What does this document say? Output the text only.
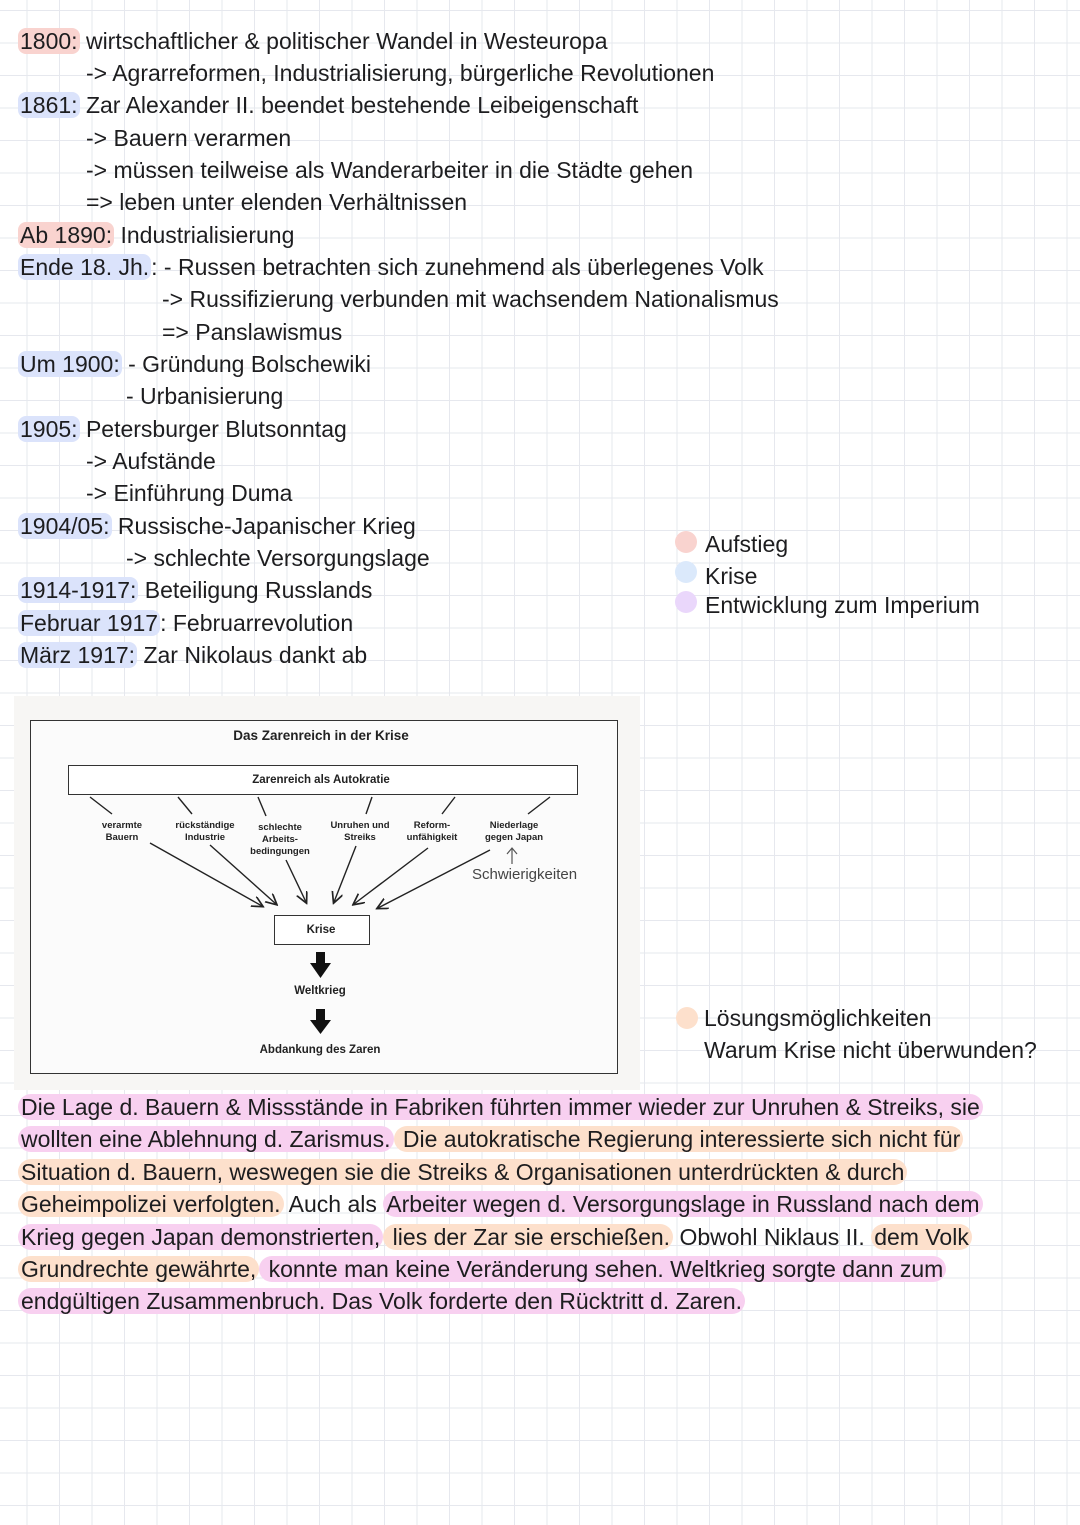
1800: wirtschaftlicher & politischer Wandel in Westeuropa
-> Agrarreformen, Industrialisierung, bürgerliche Revolutionen
1861: Zar Alexander II. beendet bestehende Leibeigenschaft
-> Bauern verarmen
-> müssen teilweise als Wanderarbeiter in die Städte gehen
=> leben unter elenden Verhältnissen
Ab 1890: Industrialisierung
Ende 18. Jh.: - Russen betrachten sich zunehmend als überlegenes Volk
-> Russifizierung verbunden mit wachsendem Nationalismus
=> Panslawismus
Um 1900: - Gründung Bolschewiki
- Urbanisierung
1905: Petersburger Blutsonntag
-> Aufstände
-> Einführung Duma
1904/05: Russische-Japanischer Krieg
-> schlechte Versorgungslage
1914-1917: Beteiligung Russlands
Februar 1917: Februarrevolution
März 1917: Zar Nikolaus dankt ab
Aufstieg
Krise
Entwicklung zum Imperium
Lösungsmöglichkeiten
Warum Krise nicht überwunden?
Das Zarenreich in der Krise
Zarenreich als Autokratie
verarmte
Bauern
rückständige
Industrie
schlechte
Arbeits-
bedingungen
Unruhen und
Streiks
Reform-
unfähigkeit
Niederlage
gegen Japan
Schwierigkeiten
Krise
Weltkrieg
Abdankung des Zaren
Die Lage d. Bauern & Missstände in Fabriken führten immer wieder zur Unruhen & Streiks, sie
wollten eine Ablehnung d. Zarismus. Die autokratische Regierung interessierte sich nicht für
Situation d. Bauern, weswegen sie die Streiks & Organisationen unterdrückten & durch
Geheimpolizei verfolgten. Auch als Arbeiter wegen d. Versorgungslage in Russland nach dem
Krieg gegen Japan demonstrierten, lies der Zar sie erschießen. Obwohl Niklaus II. dem Volk
Grundrechte gewährte, konnte man keine Veränderung sehen. Weltkrieg sorgte dann zum
endgültigen Zusammenbruch. Das Volk forderte den Rücktritt d. Zaren.
